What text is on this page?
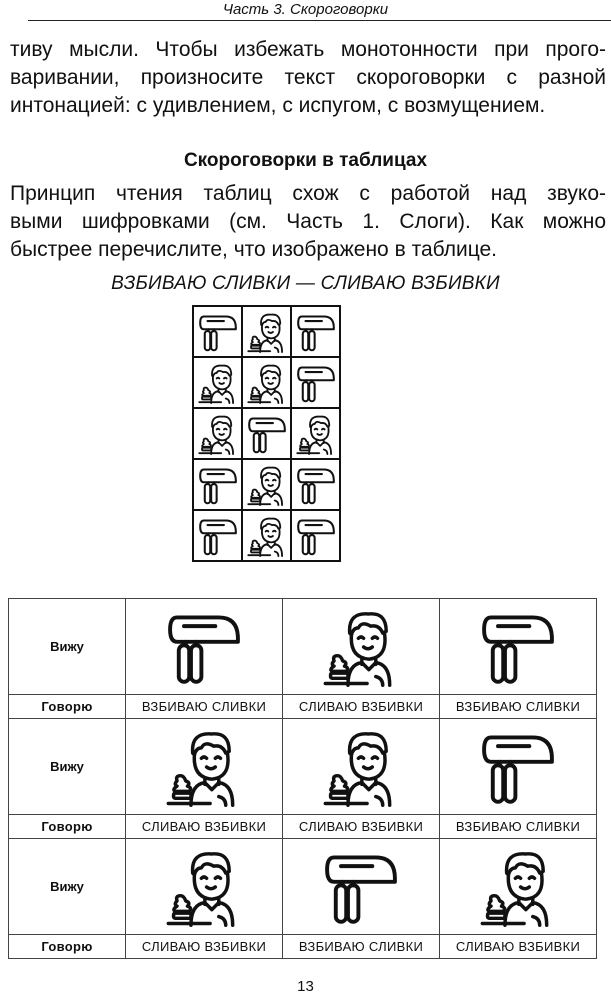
Часть 3. Скороговорки
тиву мысли. Чтобы избежать монотонности при прого-
варивании, произносите текст скороговорки с разной
интонацией: с удивлением, с испугом, с возмущением.
Скороговорки в таблицах
Принцип чтения таблиц схож с работой над звуко-
выми шифровками (см. Часть 1. Слоги). Как можно
быстрее перечислите, что изображено в таблице.
ВЗБИВАЮ СЛИВКИ — СЛИВАЮ ВЗБИВКИ

Вижу	

Говорю	ВЗБИВАЮ СЛИВКИ	СЛИВАЮ ВЗБИВКИ	ВЗБИВАЮ СЛИВКИ
Вижу	

Говорю	СЛИВАЮ ВЗБИВКИ	СЛИВАЮ ВЗБИВКИ	ВЗБИВАЮ СЛИВКИ
Вижу	

Говорю	СЛИВАЮ ВЗБИВКИ	ВЗБИВАЮ СЛИВКИ	СЛИВАЮ ВЗБИВКИ
13
